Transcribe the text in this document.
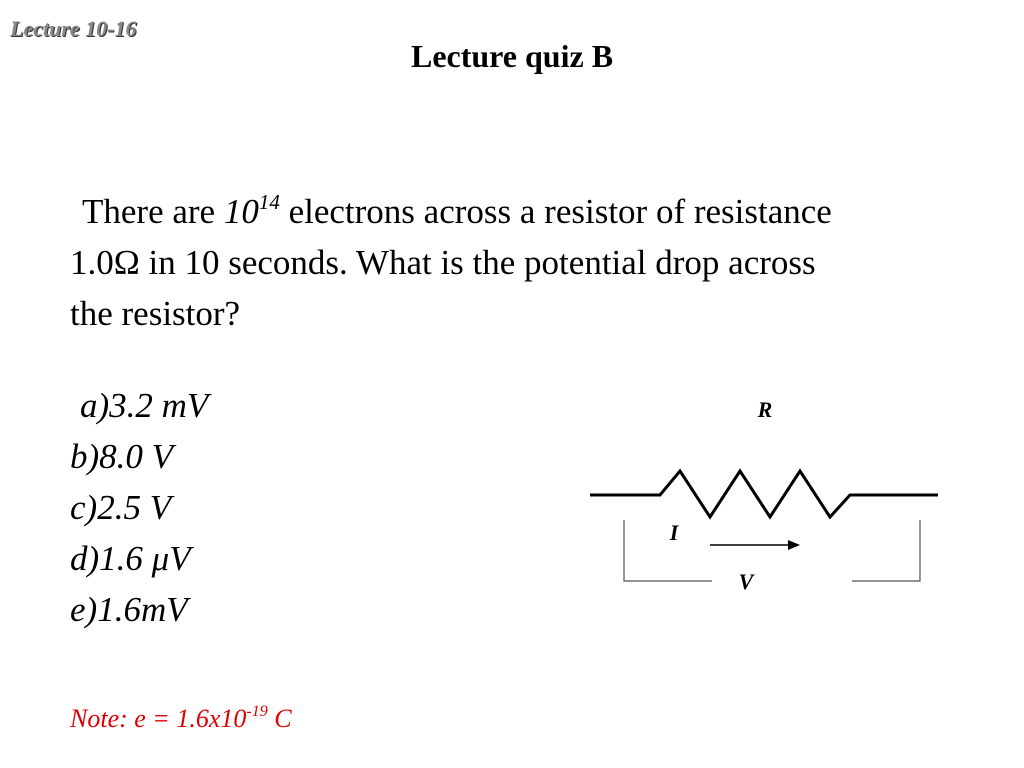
Lecture 10-16
Lecture quiz B
There are $10^{14}$ electrons across a resistor of resistance 1.0Ω in 10 seconds. What is the potential drop across the resistor?
a)3.2 mV
b)8.0 V
c)2.5 V
d)1.6 μV
e)1.6mV
R
I
V
Note: $e = 1.6x10^{-19}$ C
